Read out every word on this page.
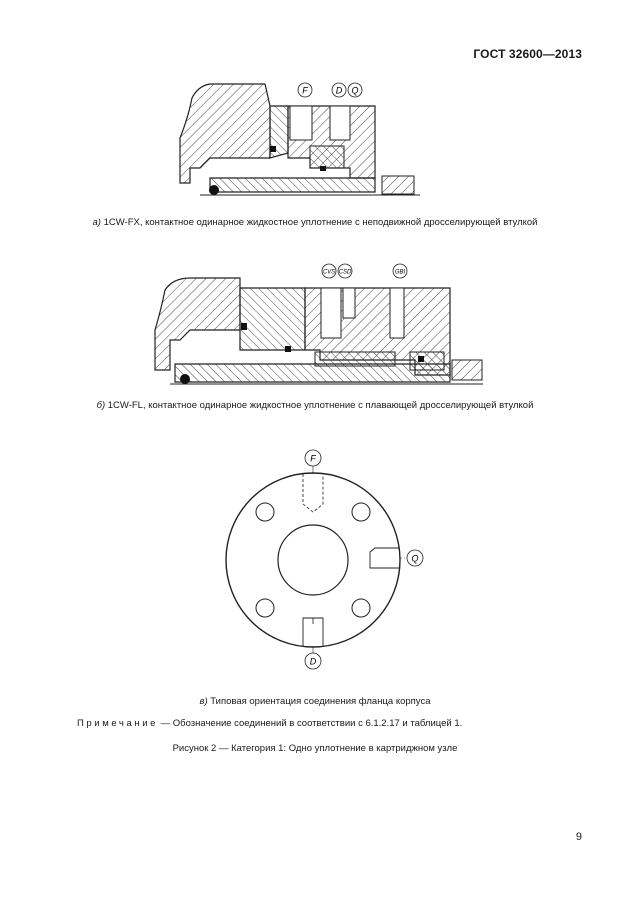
ГОСТ 32600—2013
F	D Q
а) 1CW-FX, контактное одинарное жидкостное уплотнение с неподвижной дросселирующей втулкой
CVS CSD	GBI
б) 1CW-FL, контактное одинарное жидкостное уплотнение с плавающей дросселирующей втулкой
F
Q
D
в) Типовая ориентация соединения фланца корпуса
Примечание — Обозначение соединений в соответствии с 6.1.2.17 и таблицей 1.
Рисунок 2 — Категория 1: Одно уплотнение в картриджном узле
9
